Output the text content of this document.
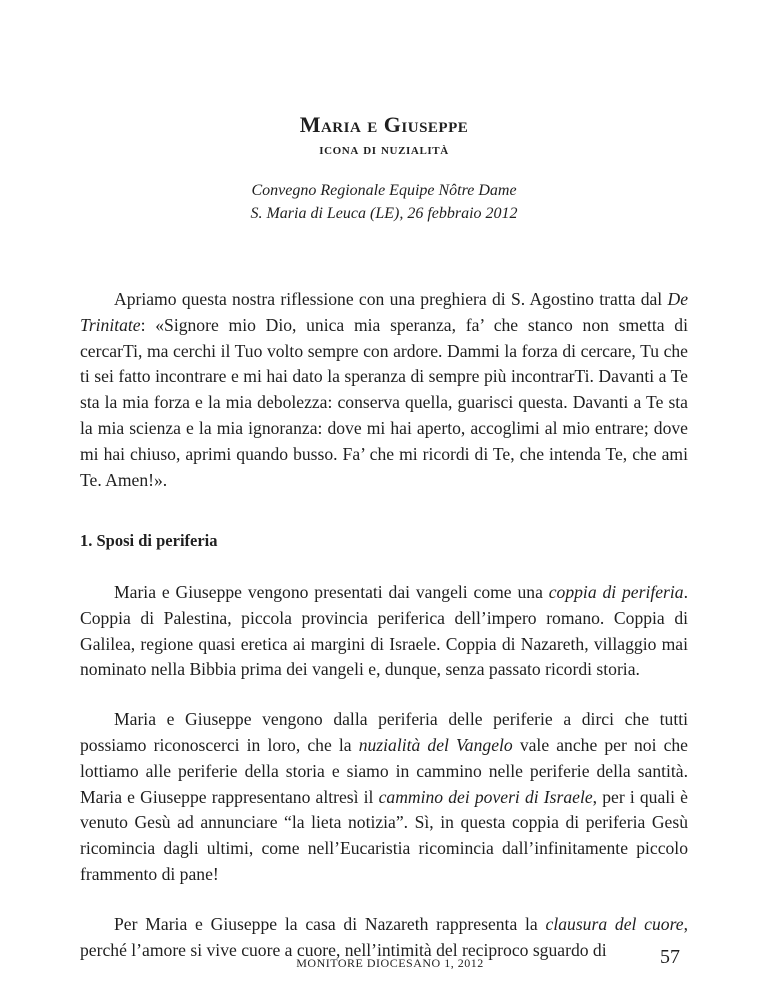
Maria e Giuseppe
icona di nuzialità
Convegno Regionale Equipe Nôtre Dame
S. Maria di Leuca (LE), 26 febbraio 2012

Apriamo questa nostra riflessione con una preghiera di S. Agostino tratta dal De Trinitate: «Signore mio Dio, unica mia speranza, fa’ che stanco non smetta di cercarTi, ma cerchi il Tuo volto sempre con ardore. Dammi la forza di cercare, Tu che ti sei fatto incontrare e mi hai dato la speranza di sempre più incontrarTi. Davanti a Te sta la mia forza e la mia debolezza: conserva quella, guarisci questa. Davanti a Te sta la mia scienza e la mia ignoranza: dove mi hai aperto, accoglimi al mio entrare; dove mi hai chiuso, aprimi quando busso. Fa’ che mi ricordi di Te, che intenda Te, che ami Te. Amen!».

1. Sposi di periferia

Maria e Giuseppe vengono presentati dai vangeli come una coppia di periferia. Coppia di Palestina, piccola provincia periferica dell’impero romano. Coppia di Galilea, regione quasi eretica ai margini di Israele. Coppia di Nazareth, villaggio mai nominato nella Bibbia prima dei vangeli e, dunque, senza passato ricordi storia.

Maria e Giuseppe vengono dalla periferia delle periferie a dirci che tutti possiamo riconoscerci in loro, che la nuzialità del Vangelo vale anche per noi che lottiamo alle periferie della storia e siamo in cammino nelle periferie della santità. Maria e Giuseppe rappresentano altresì il cammino dei poveri di Israele, per i quali è venuto Gesù ad annunciare “la lieta notizia”. Sì, in questa coppia di periferia Gesù ricomincia dagli ultimi, come nell’Eucaristia ricomincia dall’infinitamente piccolo frammento di pane!

Per Maria e Giuseppe la casa di Nazareth rappresenta la clausura del cuore, perché l’amore si vive cuore a cuore, nell’intimità del reciproco sguardo di

MONITORE DIOCESANO 1, 2012	57
